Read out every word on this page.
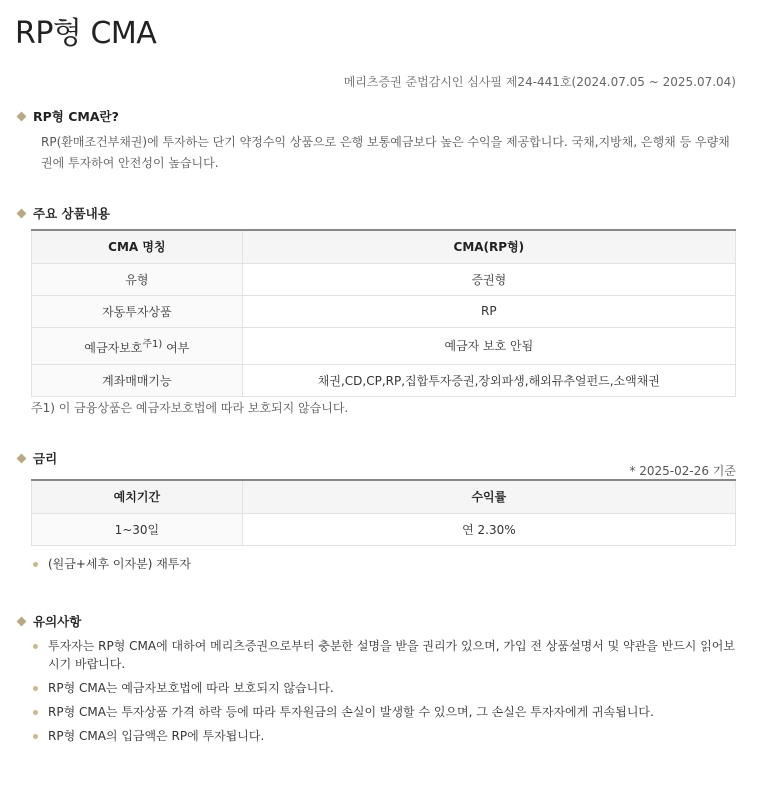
RP형 CMA
메리츠증권 준법감시인 심사필 제24-441호(2024.07.05 ~ 2025.07.04)
RP형 CMA란?

RP(환매조건부채권)에 투자하는 단기 약정수익 상품으로 은행 보통예금보다 높은 수익을 제공합니다. 국채,지방채, 은행채 등 우량채권에 투자하여 안전성이 높습니다.

주요 상품내용
CMA 명칭	CMA(RP형)
유형	증권형
자동투자상품	RP
예금자보호$^{주1)}$ 여부	예금자 보호 안됨
계좌매매기능	채권,CD,CP,RP,집합투자증권,장외파생,해외뮤추얼펀드,소액채권
주1) 이 금융상품은 예금자보호법에 따라 보호되지 않습니다.
금리
* 2025-02-26 기준
예치기간	수익률
1~30일	연 2.30%
(원금+세후 이자분) 재투자
유의사항
투자자는 RP형 CMA에 대하여 메리츠증권으로부터 충분한 설명을 받을 권리가 있으며, 가입 전 상품설명서 및 약관을 반드시 읽어보시기 바랍니다.
RP형 CMA는 예금자보호법에 따라 보호되지 않습니다.
RP형 CMA는 투자상품 가격 하락 등에 따라 투자원금의 손실이 발생할 수 있으며, 그 손실은 투자자에게 귀속됩니다.
RP형 CMA의 입금액은 RP에 투자됩니다.
